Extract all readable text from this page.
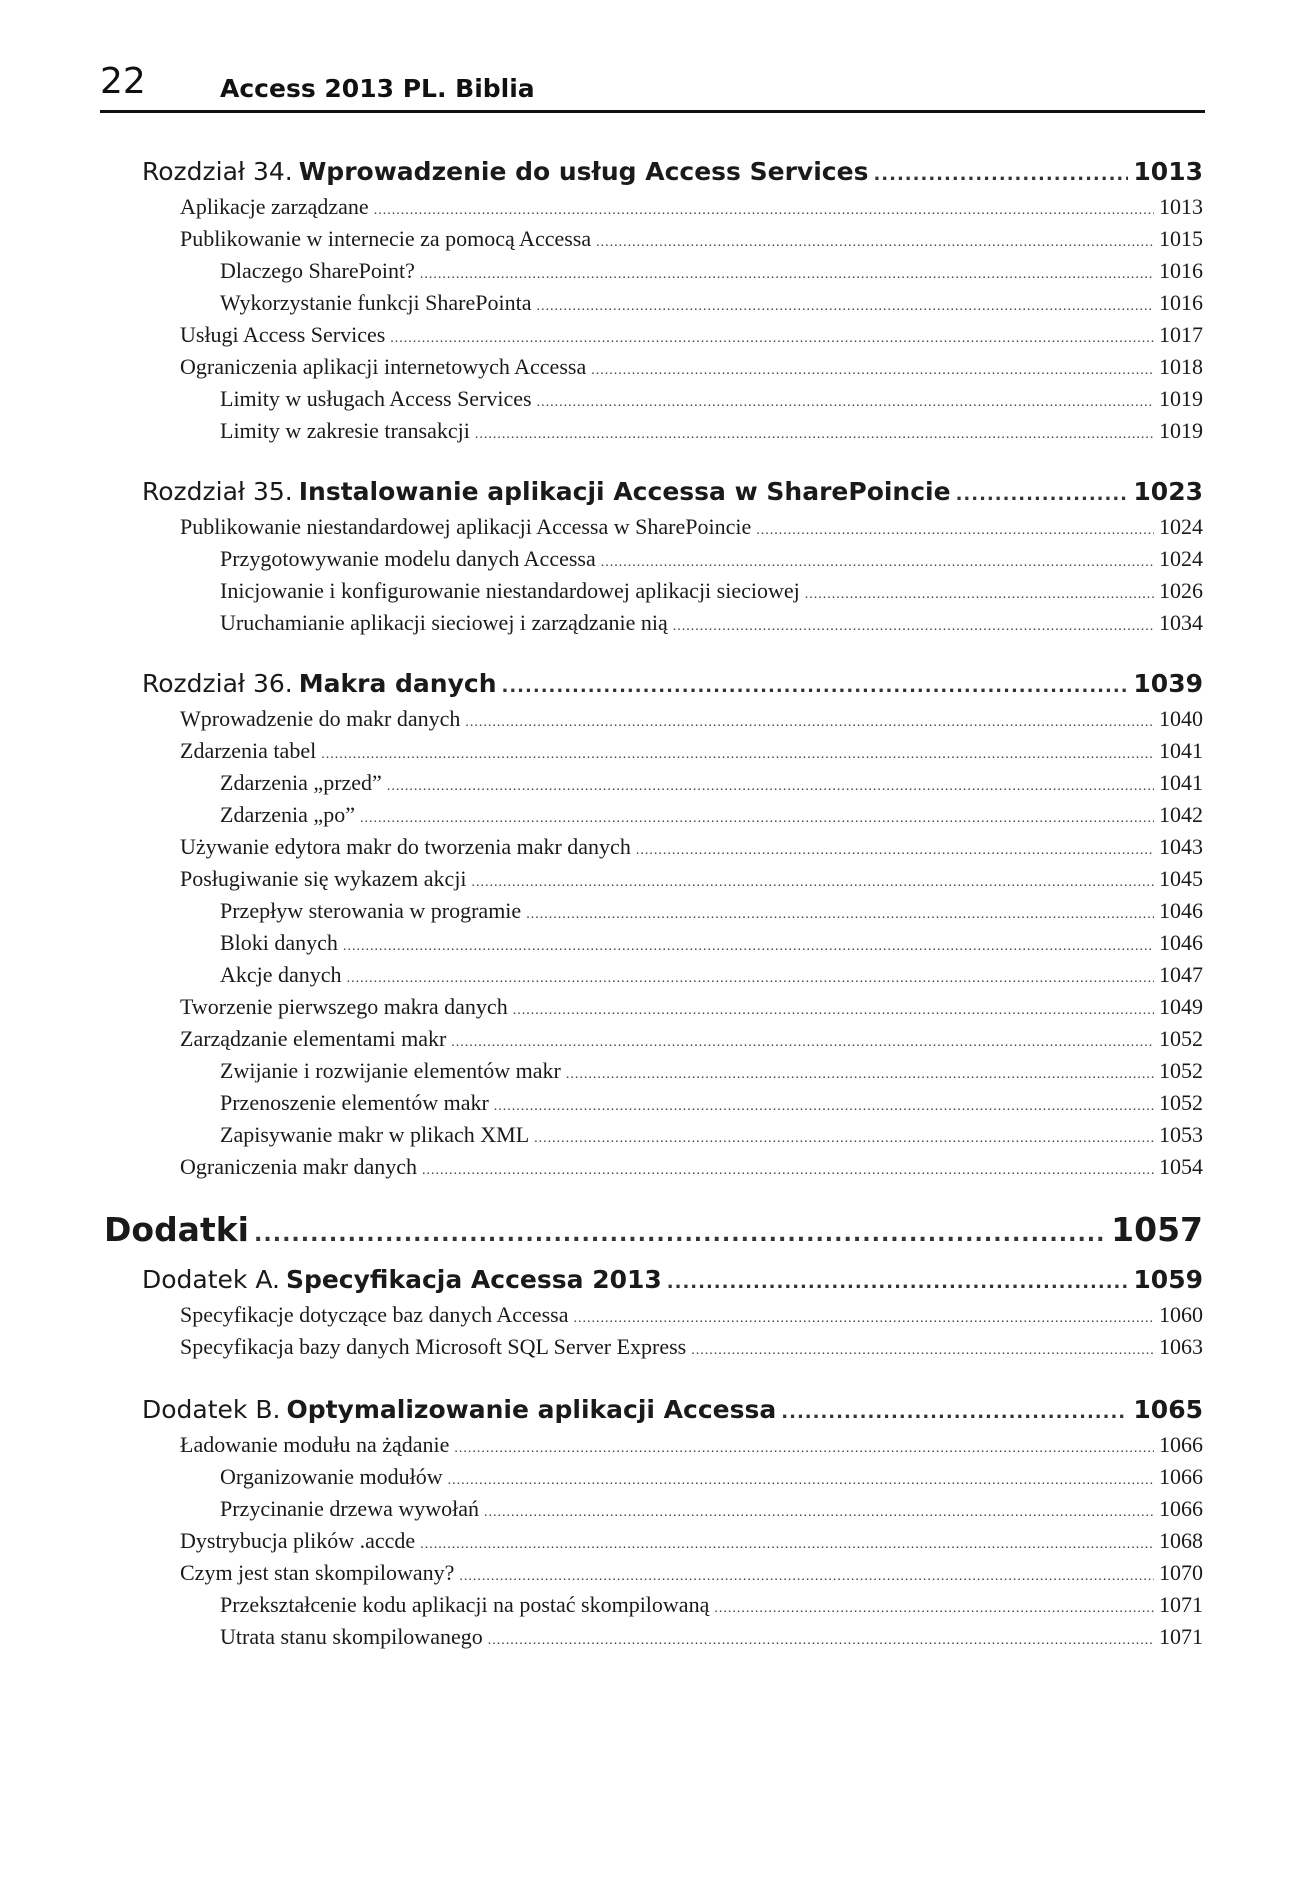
22	Access 2013 PL. Biblia
Rozdział 34. Wprowadzenie do usług Access Services .....	1013
Aplikacje zarządzane .....	1013
Publikowanie w internecie za pomocą Accessa .....	1015
Dlaczego SharePoint? .....	1016
Wykorzystanie funkcji SharePointa .....	1016
Usługi Access Services .....	1017
Ograniczenia aplikacji internetowych Accessa .....	1018
Limity w usługach Access Services .....	1019
Limity w zakresie transakcji .....	1019
Rozdział 35. Instalowanie aplikacji Accessa w SharePoincie .....	1023
Publikowanie niestandardowej aplikacji Accessa w SharePoincie .....	1024
Przygotowywanie modelu danych Accessa .....	1024
Inicjowanie i konfigurowanie niestandardowej aplikacji sieciowej .....	1026
Uruchamianie aplikacji sieciowej i zarządzanie nią .....	1034
Rozdział 36. Makra danych .....	1039
Wprowadzenie do makr danych .....	1040
Zdarzenia tabel .....	1041
Zdarzenia „przed” .....	1041
Zdarzenia „po” .....	1042
Używanie edytora makr do tworzenia makr danych .....	1043
Posługiwanie się wykazem akcji .....	1045
Przepływ sterowania w programie .....	1046
Bloki danych .....	1046
Akcje danych .....	1047
Tworzenie pierwszego makra danych .....	1049
Zarządzanie elementami makr .....	1052
Zwijanie i rozwijanie elementów makr .....	1052
Przenoszenie elementów makr .....	1052
Zapisywanie makr w plikach XML .....	1053
Ograniczenia makr danych .....	1054
Dodatki .....	1057
Dodatek A. Specyfikacja Accessa 2013 .....	1059
Specyfikacje dotyczące baz danych Accessa .....	1060
Specyfikacja bazy danych Microsoft SQL Server Express .....	1063
Dodatek B. Optymalizowanie aplikacji Accessa .....	1065
Ładowanie modułu na żądanie .....	1066
Organizowanie modułów .....	1066
Przycinanie drzewa wywołań .....	1066
Dystrybucja plików .accde .....	1068
Czym jest stan skompilowany? .....	1070
Przekształcenie kodu aplikacji na postać skompilowaną .....	1071
Utrata stanu skompilowanego .....	1071
